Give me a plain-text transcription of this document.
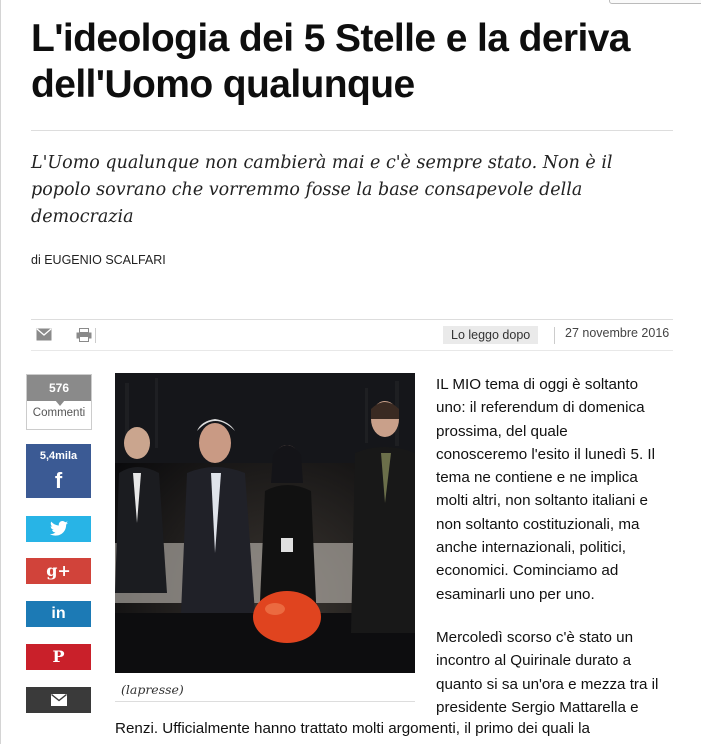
L'ideologia dei 5 Stelle e la deriva dell'Uomo qualunque

L'Uomo qualunque non cambierà mai e c'è sempre stato. Non è il popolo sovrano che vorremmo fosse la base consapevole della democrazia

di EUGENIO SCALFARI
Lo leggo dopo	27 novembre 2016
576
Commenti
5,4mila
f
g+
in
P
(lapresse)

IL MIO tema di oggi è soltanto
uno: il referendum di domenica
prossima, del quale
conosceremo l'esito il lunedì 5. Il
tema ne contiene e ne implica
molti altri, non soltanto italiani e
non soltanto costituzionali, ma
anche internazionali, politici,
economici. Cominciamo ad
esaminarli uno per uno.

Mercoledì scorso c'è stato un
incontro al Quirinale durato a
quanto si sa un'ora e mezza tra il
presidente Sergio Mattarella e

Renzi. Ufficialmente hanno trattato molti argomenti, il primo dei quali la
